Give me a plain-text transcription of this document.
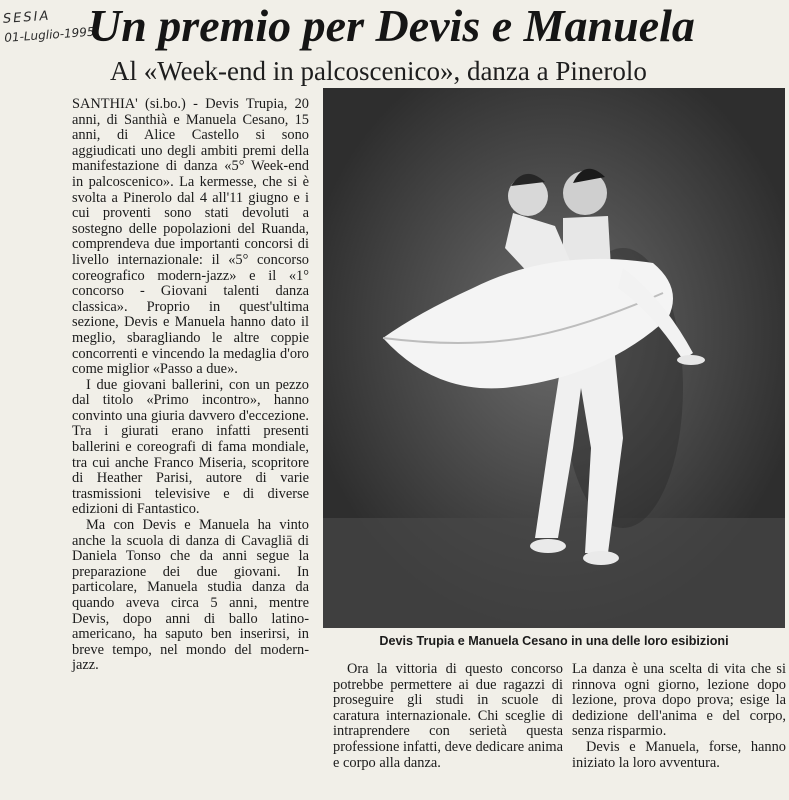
SESIA
01-Luglio-1995
Un premio per Devis e Manuela
Al «Week-end in palcoscenico», danza a Pinerolo

SANTHIA' (si.bo.) - Devis Trupia, 20 anni, di Santhià e Manuela Cesano, 15 anni, di Alice Castello si sono aggiudicati uno degli ambiti premi della manifestazione di danza «5° Week-end in palcoscenico». La kermesse, che si è svolta a Pinerolo dal 4 all'11 giugno e i cui proventi sono stati devoluti a sostegno delle popolazioni del Ruanda, comprendeva due importanti concorsi di livello internazionale: il «5° concorso coreografico modern-jazz» e il «1° concorso - Giovani talenti danza classica». Proprio in quest'ultima sezione, Devis e Manuela hanno dato il meglio, sbaragliando le altre coppie concorrenti e vincendo la medaglia d'oro come miglior «Passo a due».

I due giovani ballerini, con un pezzo dal titolo «Primo incontro», hanno convinto una giuria davvero d'eccezione. Tra i giurati erano infatti presenti ballerini e coreografi di fama mondiale, tra cui anche Franco Miseria, scopritore di Heather Parisi, autore di varie trasmissioni televisive e di diverse edizioni di Fantastico.

Ma con Devis e Manuela ha vinto anche la scuola di danza di Cavagliā di Daniela Tonso che da anni segue la preparazione dei due giovani. In particolare, Manuela studia danza da quando aveva circa 5 anni, mentre Devis, dopo anni di ballo latino-americano, ha saputo ben inserirsi, in breve tempo, nel mondo del modern-jazz.

Devis Trupia e Manuela Cesano in una delle loro esibizioni

Ora la vittoria di questo concorso potrebbe permettere ai due ragazzi di proseguire gli studi in scuole di caratura internazionale. Chi sceglie di intraprendere con serietà questa professione infatti, deve dedicare anima e corpo alla danza.

La danza è una scelta di vita che si rinnova ogni giorno, lezione dopo lezione, prova dopo prova; esige la dedizione dell'anima e del corpo, senza risparmio.

Devis e Manuela, forse, hanno iniziato la loro avventura.
